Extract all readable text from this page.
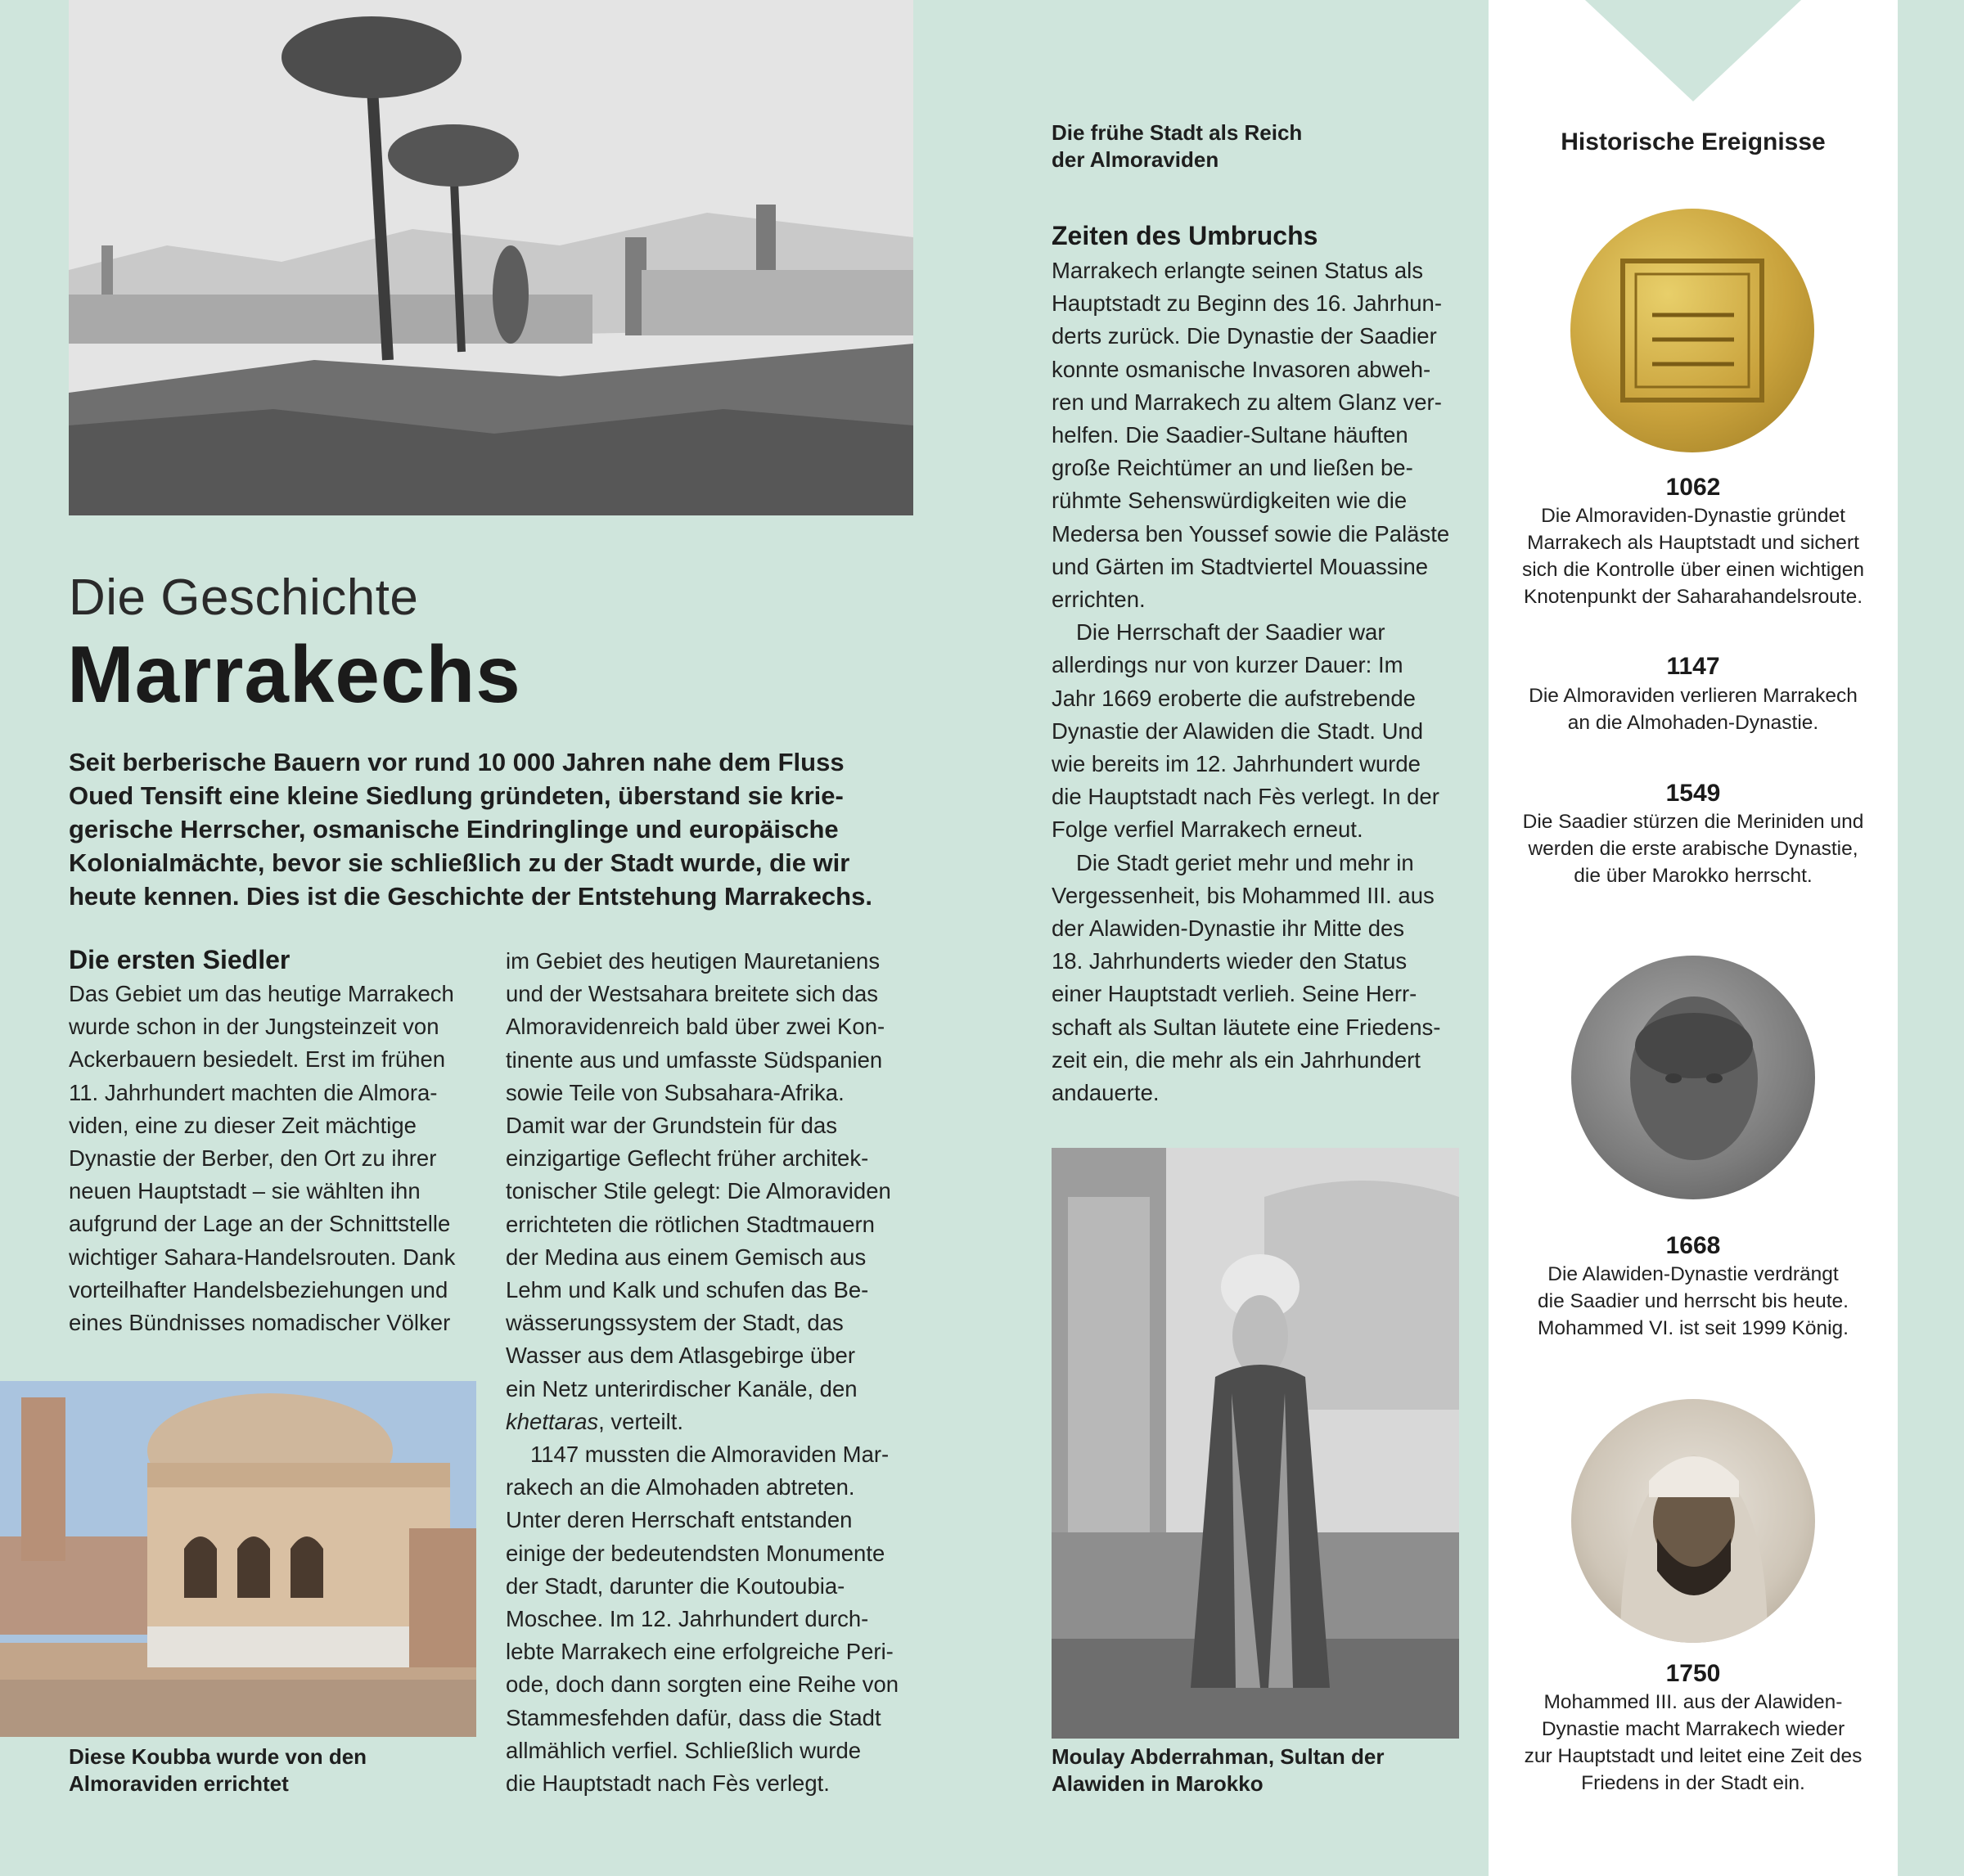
Die Geschichte
Marrakechs
Seit berberische Bauern vor rund 10 000 Jahren nahe dem Fluss
Oued Tensift eine kleine Siedlung gründeten, überstand sie krie-
gerische Herrscher, osmanische Eindringlinge und europäische
Kolonialmächte, bevor sie schließlich zu der Stadt wurde, die wir
heute kennen. Dies ist die Geschichte der Entstehung Marrakechs.
Die ersten Siedler
Das Gebiet um das heutige Marrakech
wurde schon in der Jungsteinzeit von
Ackerbauern besiedelt. Erst im frühen
11. Jahrhundert machten die Almora-
viden, eine zu dieser Zeit mächtige
Dynastie der Berber, den Ort zu ihrer
neuen Hauptstadt – sie wählten ihn
aufgrund der Lage an der Schnittstelle
wichtiger Sahara-Handelsrouten. Dank
vorteilhafter Handelsbeziehungen und
eines Bündnisses nomadischer Völker
im Gebiet des heutigen Mauretaniens
und der Westsahara breitete sich das
Almoravidenreich bald über zwei Kon-
tinente aus und umfasste Südspanien
sowie Teile von Subsahara-Afrika.
Damit war der Grundstein für das
einzigartige Geflecht früher architek-
tonischer Stile gelegt: Die Almoraviden
errichteten die rötlichen Stadtmauern
der Medina aus einem Gemisch aus
Lehm und Kalk und schufen das Be-
wässerungssystem der Stadt, das
Wasser aus dem Atlasgebirge über
ein Netz unterirdischer Kanäle, den
khettaras, verteilt.
1147 mussten die Almoraviden Mar-
rakech an die Almohaden abtreten.
Unter deren Herrschaft entstanden
einige der bedeutendsten Monumente
der Stadt, darunter die Koutoubia-
Moschee. Im 12. Jahrhundert durch-
lebte Marrakech eine erfolgreiche Peri-
ode, doch dann sorgten eine Reihe von
Stammesfehden dafür, dass die Stadt
allmählich verfiel. Schließlich wurde
die Hauptstadt nach Fès verlegt.
Diese Koubba wurde von den
Almoraviden errichtet
Die frühe Stadt als Reich
der Almoraviden
Zeiten des Umbruchs
Marrakech erlangte seinen Status als
Hauptstadt zu Beginn des 16. Jahrhun-
derts zurück. Die Dynastie der Saadier
konnte osmanische Invasoren abweh-
ren und Marrakech zu altem Glanz ver-
helfen. Die Saadier-Sultane häuften
große Reichtümer an und ließen be-
rühmte Sehenswürdigkeiten wie die
Medersa ben Youssef sowie die Paläste
und Gärten im Stadtviertel Mouassine
errichten.
Die Herrschaft der Saadier war
allerdings nur von kurzer Dauer: Im
Jahr 1669 eroberte die aufstrebende
Dynastie der Alawiden die Stadt. Und
wie bereits im 12. Jahrhundert wurde
die Hauptstadt nach Fès verlegt. In der
Folge verfiel Marrakech erneut.
Die Stadt geriet mehr und mehr in
Vergessenheit, bis Mohammed III. aus
der Alawiden-Dynastie ihr Mitte des
18. Jahrhunderts wieder den Status
einer Hauptstadt verlieh. Seine Herr-
schaft als Sultan läutete eine Friedens-
zeit ein, die mehr als ein Jahrhundert
andauerte.
Moulay Abderrahman, Sultan der
Alawiden in Marokko
Historische Ereignisse
1062
Die Almoraviden-Dynastie gründet
Marrakech als Hauptstadt und sichert
sich die Kontrolle über einen wichtigen
Knotenpunkt der Saharahandelsroute.
1147
Die Almoraviden verlieren Marrakech
an die Almohaden-Dynastie.
1549
Die Saadier stürzen die Meriniden und
werden die erste arabische Dynastie,
die über Marokko herrscht.
1668
Die Alawiden-Dynastie verdrängt
die Saadier und herrscht bis heute.
Mohammed VI. ist seit 1999 König.
1750
Mohammed III. aus der Alawiden-
Dynastie macht Marrakech wieder
zur Hauptstadt und leitet eine Zeit des
Friedens in der Stadt ein.
